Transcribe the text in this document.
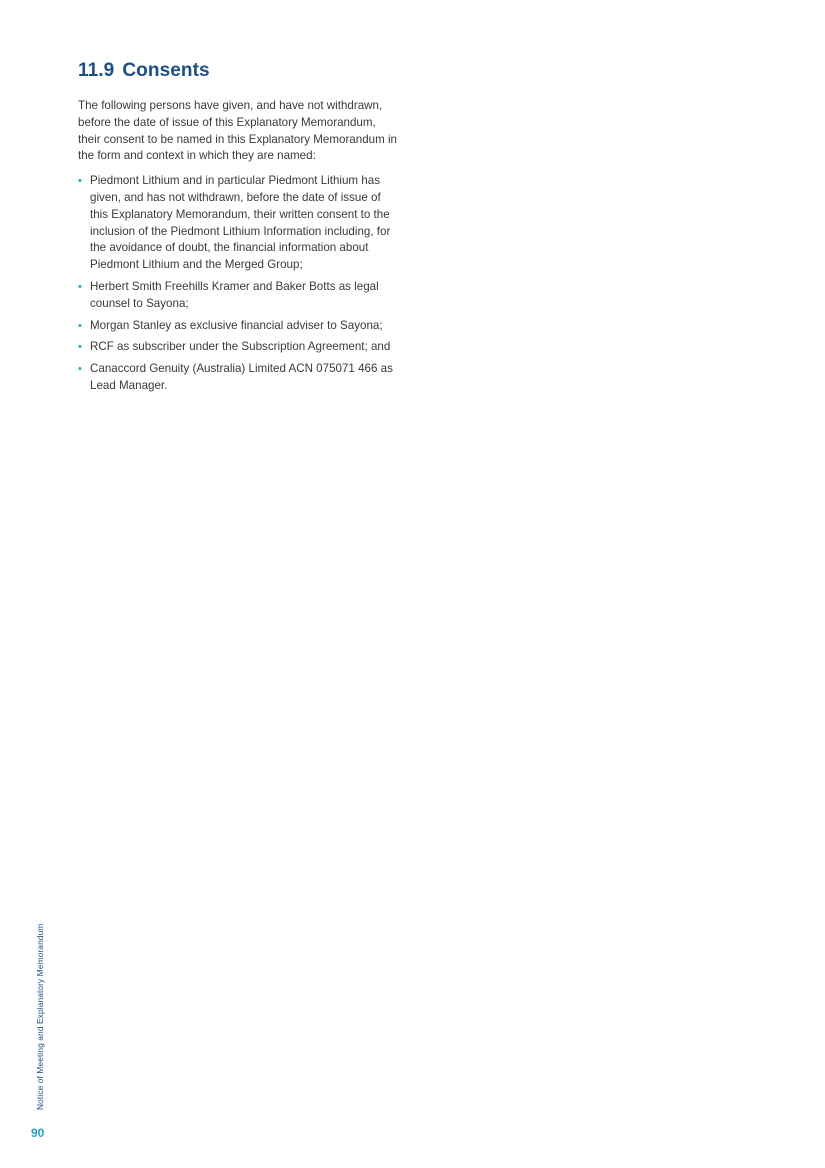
11.9 Consents

The following persons have given, and have not withdrawn, before the date of issue of this Explanatory Memorandum, their consent to be named in this Explanatory Memorandum in the form and context in which they are named:

• Piedmont Lithium and in particular Piedmont Lithium has given, and has not withdrawn, before the date of issue of this Explanatory Memorandum, their written consent to the inclusion of the Piedmont Lithium Information including, for the avoidance of doubt, the financial information about Piedmont Lithium and the Merged Group;
• Herbert Smith Freehills Kramer and Baker Botts as legal counsel to Sayona;
• Morgan Stanley as exclusive financial adviser to Sayona;
• RCF as subscriber under the Subscription Agreement; and
• Canaccord Genuity (Australia) Limited ACN 075071 466 as Lead Manager.
Notice of Meeting and Explanatory Memorandum
90
